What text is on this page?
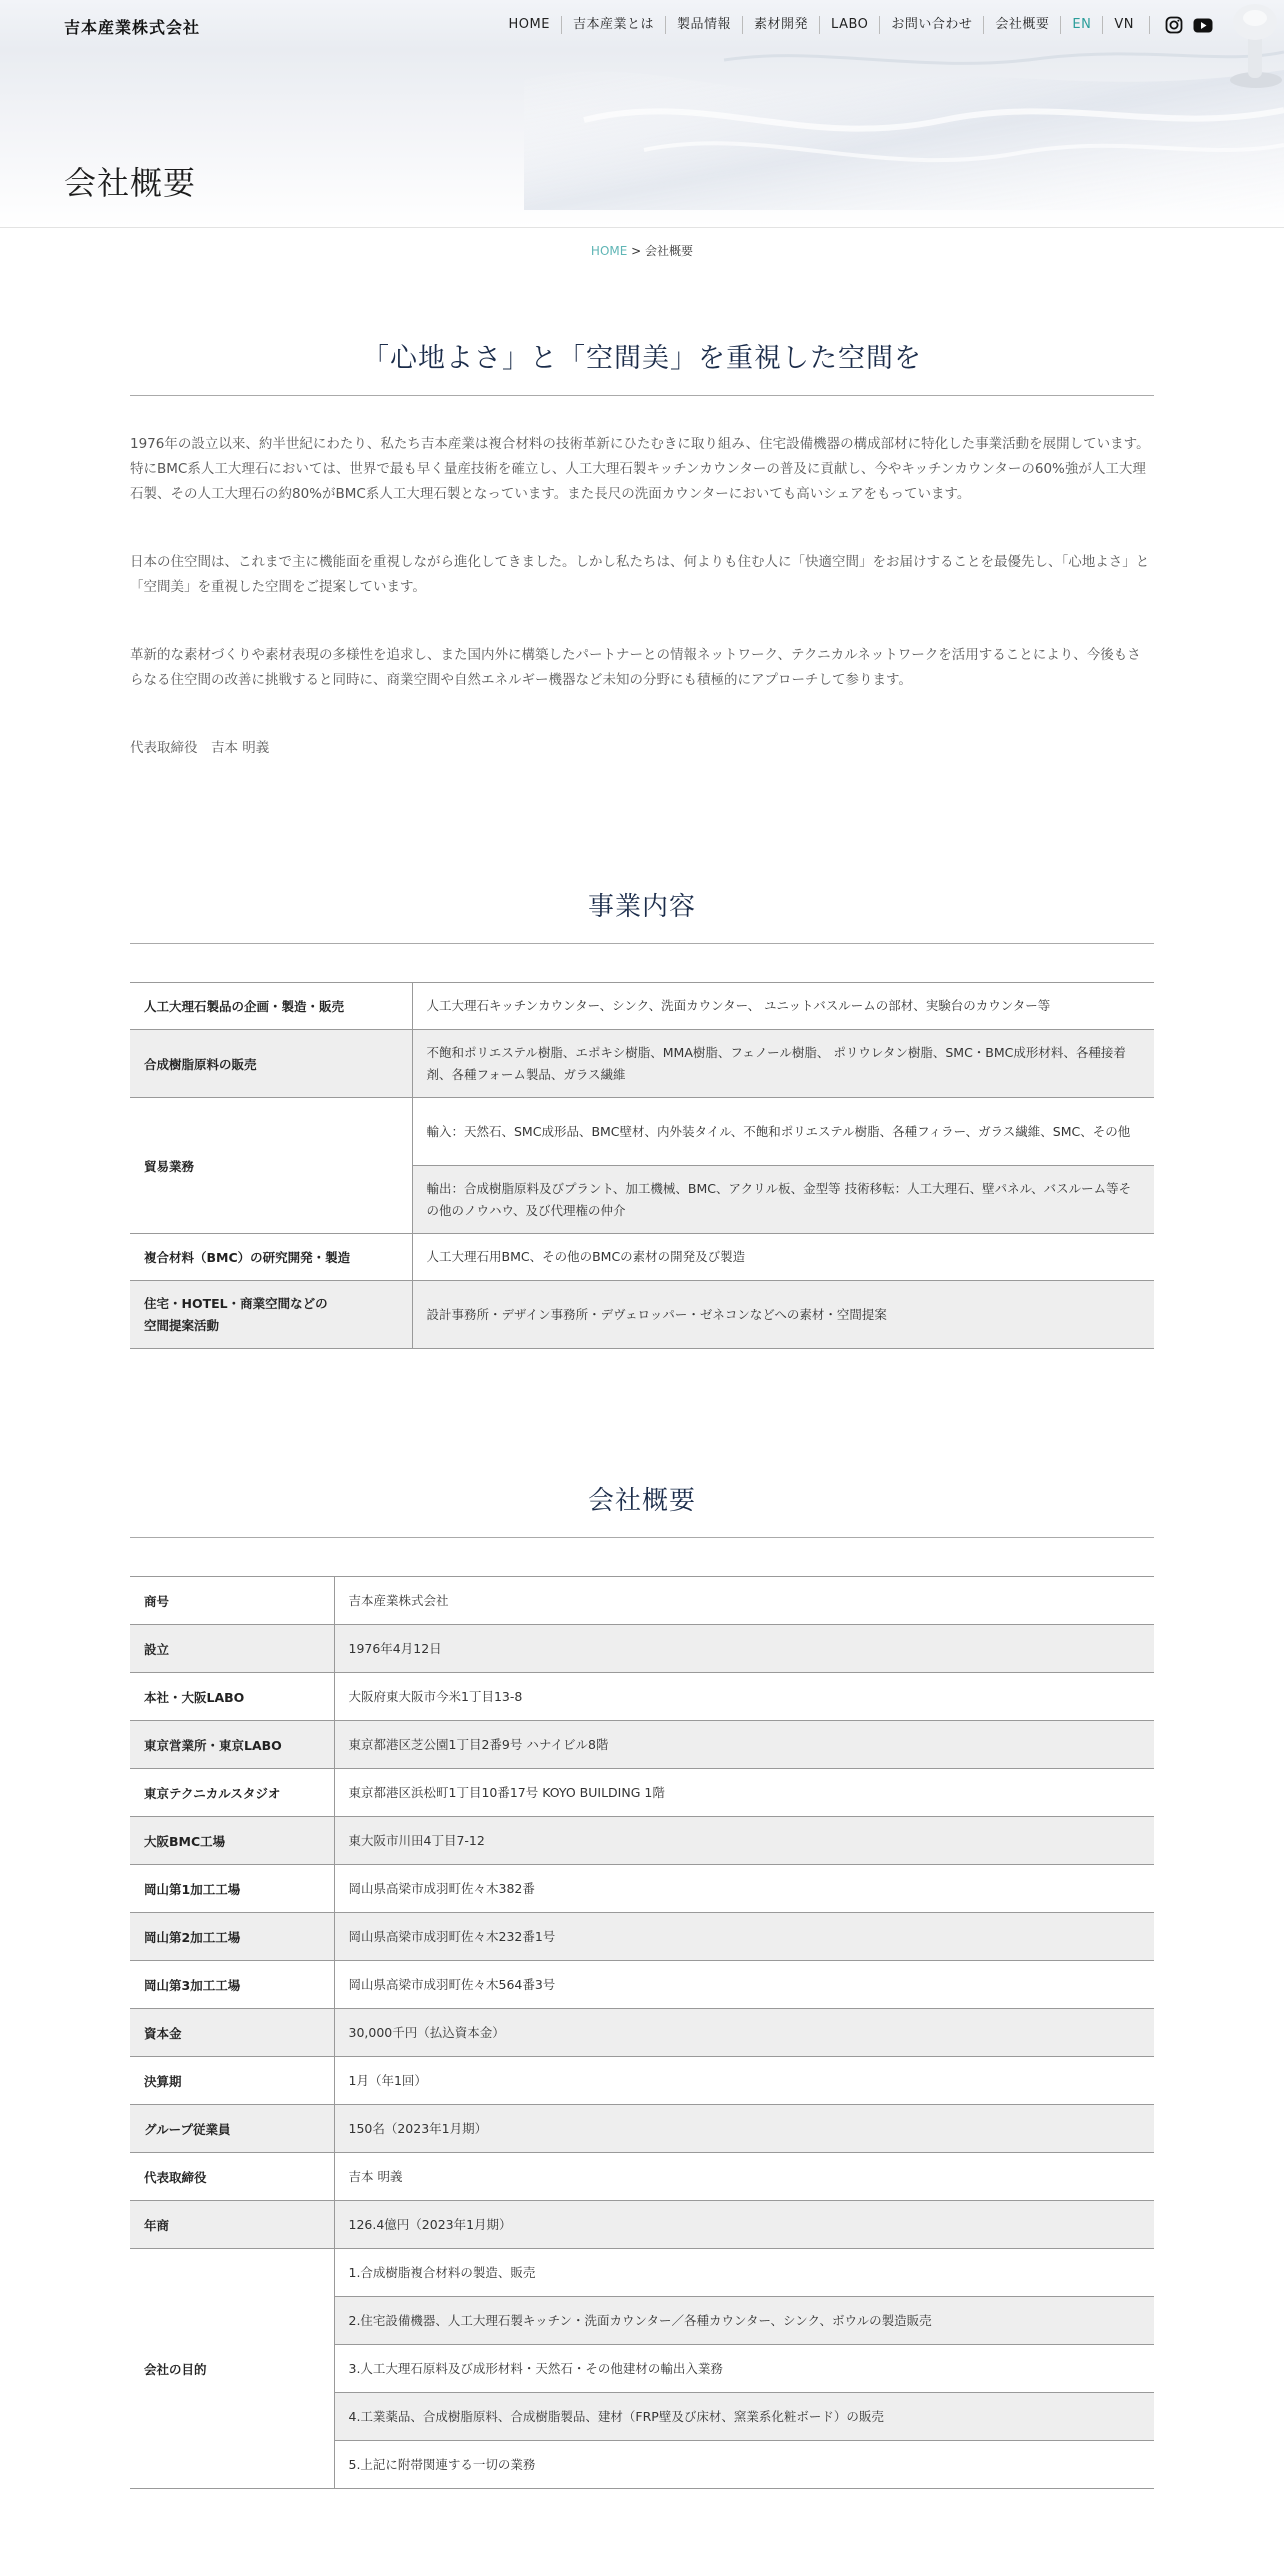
会社概要
吉本産業株式会社	HOME	吉本産業とは	製品情報	素材開発	LABO	お問い合わせ	会社概要	EN	VN
HOME > 会社概要
「心地よさ」と「空間美」を重視した空間を

1976年の設立以来、約半世紀にわたり、私たち吉本産業は複合材料の技術革新にひたむきに取り組み、住宅設備機器の構成部材に特化した事業活動を展開しています。特にBMC系人工大理石においては、世界で最も早く量産技術を確立し、人工大理石製キッチンカウンターの普及に貢献し、今やキッチンカウンターの60%強が人工大理石製、その人工大理石の約80%がBMC系人工大理石製となっています。また長尺の洗面カウンターにおいても高いシェアをもっています。

日本の住空間は、これまで主に機能面を重視しながら進化してきました。しかし私たちは、何よりも住む人に「快適空間」をお届けすることを最優先し、「心地よさ」と「空間美」を重視した空間をご提案しています。

革新的な素材づくりや素材表現の多様性を追求し、また国内外に構築したパートナーとの情報ネットワーク、テクニカルネットワークを活用することにより、今後もさらなる住空間の改善に挑戦すると同時に、商業空間や自然エネルギー機器など未知の分野にも積極的にアプローチして参ります。

代表取締役　吉本 明義

事業内容
人工大理石製品の企画・製造・販売	人工大理石キッチンカウンター、シンク、洗面カウンター、 ユニットバスルームの部材、実験台のカウンター等
合成樹脂原料の販売	不飽和ポリエステル樹脂、エポキシ樹脂、MMA樹脂、フェノール樹脂、 ポリウレタン樹脂、SMC・BMC成形材料、各種接着剤、各種フォーム製品、ガラス繊維
貿易業務	輸入：天然石、SMC成形品、BMC壁材、内外装タイル、不飽和ポリエステル樹脂、各種フィラー、ガラス繊維、SMC、その他
	輸出：合成樹脂原料及びプラント、加工機械、BMC、アクリル板、金型等 技術移転：人工大理石、壁パネル、バスルーム等その他のノウハウ、及び代理権の仲介
複合材料（BMC）の研究開発・製造	人工大理石用BMC、その他のBMCの素材の開発及び製造
住宅・HOTEL・商業空間などの
空間提案活動	設計事務所・デザイン事務所・デヴェロッパー・ゼネコンなどへの素材・空間提案
会社概要
商号	吉本産業株式会社
設立	1976年4月12日
本社・大阪LABO	大阪府東大阪市今米1丁目13-8
東京営業所・東京LABO	東京都港区芝公園1丁目2番9号 ハナイビル8階
東京テクニカルスタジオ	東京都港区浜松町1丁目10番17号 KOYO BUILDING 1階
大阪BMC工場	東大阪市川田4丁目7-12
岡山第1加工工場	岡山県高梁市成羽町佐々木382番
岡山第2加工工場	岡山県高梁市成羽町佐々木232番1号
岡山第3加工工場	岡山県高梁市成羽町佐々木564番3号
資本金	30,000千円（払込資本金）
決算期	1月（年1回）
グループ従業員	150名（2023年1月期）
代表取締役	吉本 明義
年商	126.4億円（2023年1月期）
会社の目的	1.合成樹脂複合材料の製造、販売
	2.住宅設備機器、人工大理石製キッチン・洗面カウンター／各種カウンター、シンク、ボウルの製造販売
	3.人工大理石原料及び成形材料・天然石・その他建材の輸出入業務
	4.工業薬品、合成樹脂原料、合成樹脂製品、建材（FRP壁及び床材、窯業系化粧ボード）の販売
	5.上記に附帯関連する一切の業務
